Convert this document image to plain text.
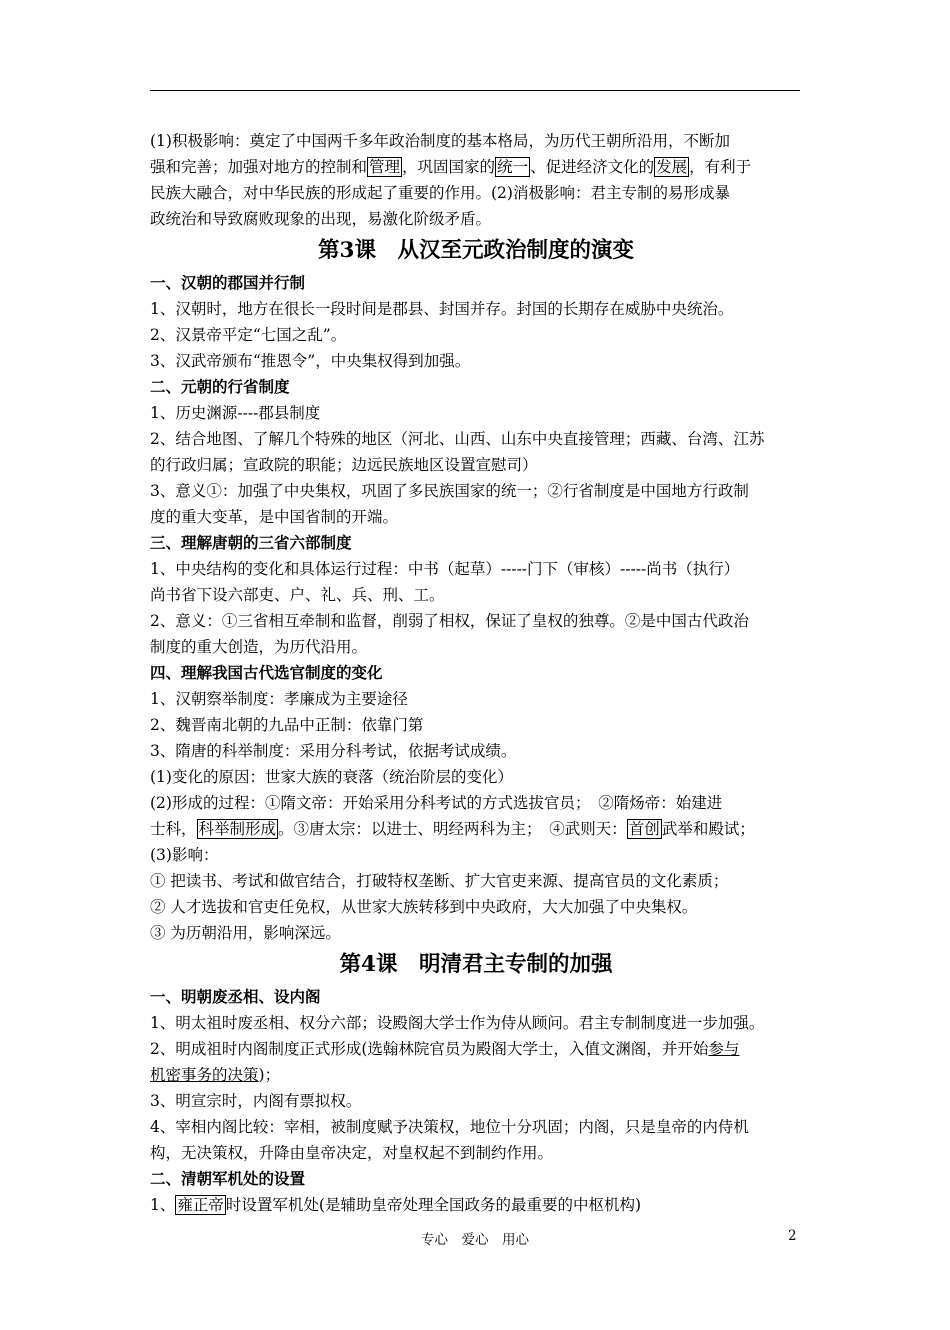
(1)积极影响：奠定了中国两千多年政治制度的基本格局，为历代王朝所沿用，不断加
强和完善；加强对地方的控制和 管理 ，巩固国家的 统一 、促进经济文化的 发展 ，有利于
民族大融合，对中华民族的形成起了重要的作用。(2)消极影响：君主专制的易形成暴
政统治和导致腐败现象的出现，易激化阶级矛盾。
第3课　从汉至元政治制度的演变
一、汉朝的郡国并行制
1、汉朝时，地方在很长一段时间是郡县、封国并存。封国的长期存在威胁中央统治。
2、汉景帝平定“七国之乱”。
3、汉武帝颁布“推恩令”，中央集权得到加强。
二、元朝的行省制度
1、历史渊源----郡县制度
2、结合地图、了解几个特殊的地区（河北、山西、山东中央直接管理；西藏、台湾、江苏
的行政归属；宣政院的职能；边远民族地区设置宣慰司）
3、意义①：加强了中央集权，巩固了多民族国家的统一；②行省制度是中国地方行政制
度的重大变革，是中国省制的开端。
三、理解唐朝的三省六部制度
1、中央结构的变化和具体运行过程：中书（起草）-----门下（审核）-----尚书（执行）
尚书省下设六部吏、户、礼、兵、刑、工。
2、意义：①三省相互牵制和监督，削弱了相权，保证了皇权的独尊。②是中国古代政治
制度的重大创造，为历代沿用。
四、理解我国古代选官制度的变化
1、汉朝察举制度：孝廉成为主要途径
2、魏晋南北朝的九品中正制：依靠门第
3、隋唐的科举制度：采用分科考试，依据考试成绩。
(1)变化的原因：世家大族的衰落（统治阶层的变化）
(2)形成的过程：①隋文帝：开始采用分科考试的方式选拔官员；　②隋炀帝：始建进
士科， 科举制形成 。③唐太宗：以进士、明经两科为主；　④武则天： 首创 武举和殿试；
(3)影响：
① 把读书、考试和做官结合，打破特权垄断、扩大官吏来源、提高官员的文化素质；
② 人才选拔和官吏任免权，从世家大族转移到中央政府，大大加强了中央集权。
③ 为历朝沿用，影响深远。
第4课　明清君主专制的加强
一、明朝废丞相、设内阁
1、明太祖时废丞相、权分六部；设殿阁大学士作为侍从顾问。君主专制制度进一步加强。
2、明成祖时内阁制度正式形成(选翰林院官员为殿阁大学士，入值文渊阁，并开始参与
机密事务的决策)；
3、明宣宗时，内阁有票拟权。
4、宰相内阁比较：宰相，被制度赋予决策权，地位十分巩固；内阁，只是皇帝的内侍机
构，无决策权，升降由皇帝决定，对皇权起不到制约作用。
二、清朝军机处的设置
1、 雍正帝 时设置军机处(是辅助皇帝处理全国政务的最重要的中枢机构)
专心　爱心　用心	2
